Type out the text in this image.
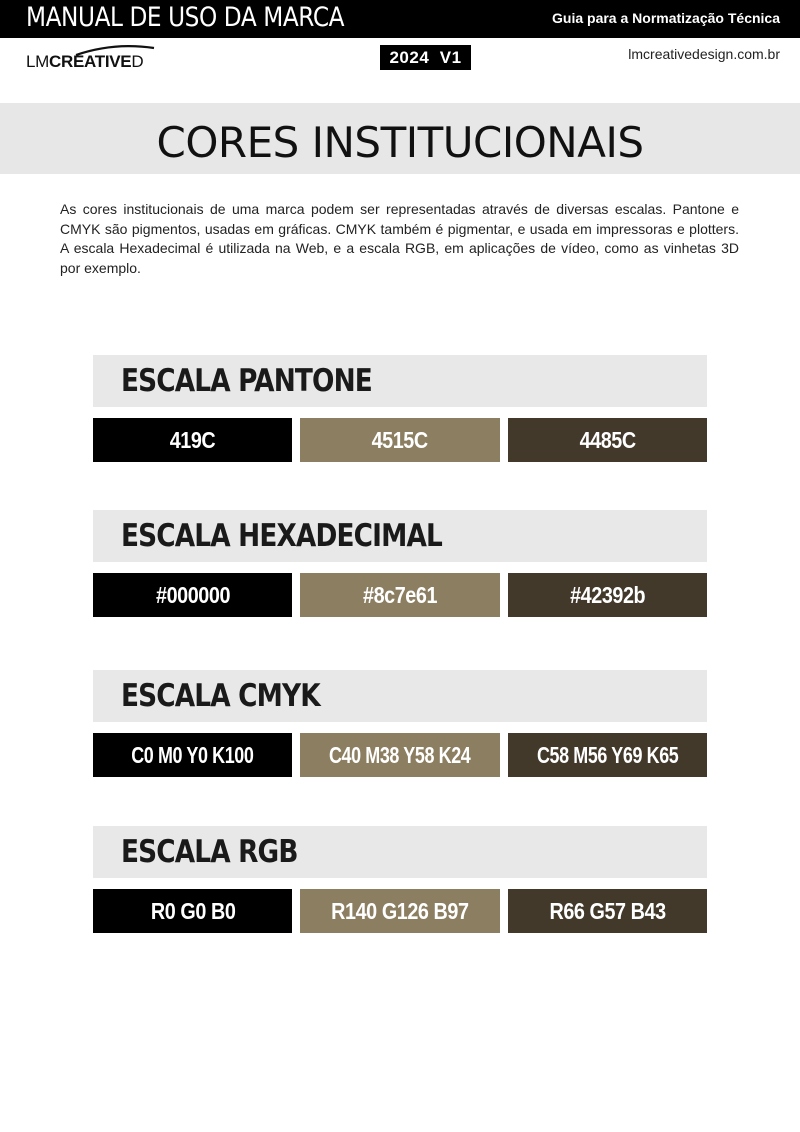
MANUAL DE USO DA MARCA	Guia para a Normatização Técnica
LMCREATIVED	2024  V1	lmcreativedesign.com.br
CORES INSTITUCIONAIS

As cores institucionais de uma marca podem ser representadas através de diversas escalas. Pantone e CMYK são pigmentos, usadas em gráficas. CMYK também é pigmentar, e usada em impressoras e plotters. A escala Hexadecimal é utilizada na Web, e a escala RGB, em aplicações de vídeo, como as vinhetas 3D por exemplo.

ESCALA PANTONE
419C	4515C	4485C
ESCALA HEXADECIMAL
#000000	#8c7e61	#42392b
ESCALA CMYK
C0 M0 Y0 K100	C40 M38 Y58 K24	C58 M56 Y69 K65
ESCALA RGB
R0 G0 B0	R140 G126 B97	R66 G57 B43
